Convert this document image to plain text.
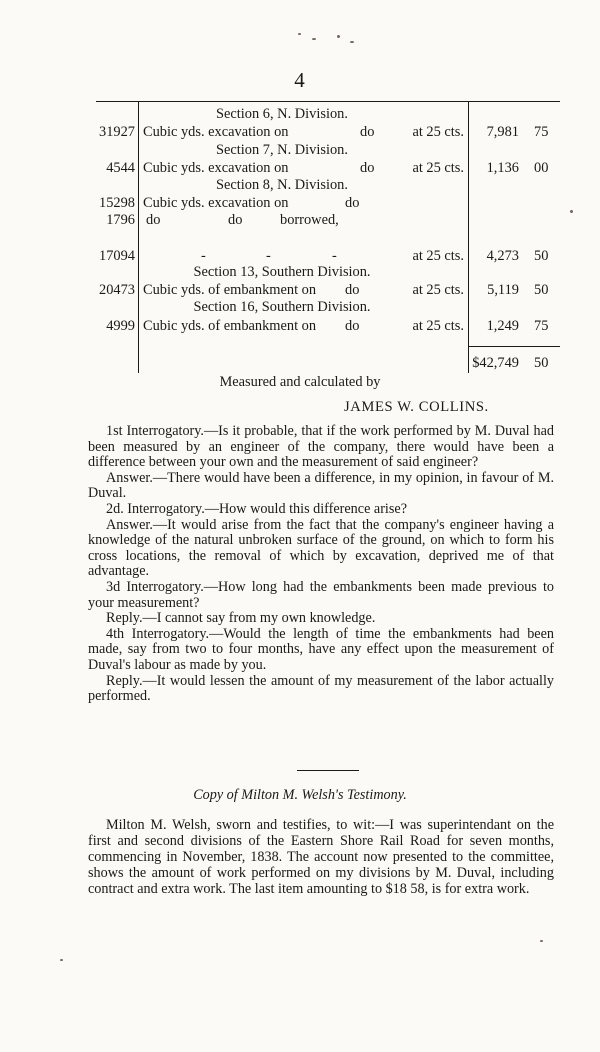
4
Section 6, N. Division.
31927 Cubic yds. excavation on	do	at 25 cts. 7,981 75
Section 7, N. Division.
4544 Cubic yds. excavation on	do	at 25 cts. 1,136 00
Section 8, N. Division.
15298 Cubic yds. excavation on	do
1796 do	do	borrowed,
17094	-	-	-	at 25 cts. 4,273 50
Section 13, Southern Division.
20473 Cubic yds. of embankment on do	at 25 cts. 5,119 50
Section 16, Southern Division.
4999 Cubic yds. of embankment on do	at 25 cts. 1,249 75
$42,749 50
Measured and calculated by
JAMES W. COLLINS.

1st Interrogatory.—Is it probable, that if the work performed by M. Duval had been measured by an engineer of the company, there would have been a difference between your own and the measurement of said engineer?

Answer.—There would have been a difference, in my opinion, in favour of M. Duval.

2d. Interrogatory.—How would this difference arise?

Answer.—It would arise from the fact that the company's engineer having a knowledge of the natural unbroken surface of the ground, on which to form his cross locations, the removal of which by excavation, deprived me of that advantage.

3d Interrogatory.—How long had the embankments been made previous to your measurement?

Reply.—I cannot say from my own knowledge.

4th Interrogatory.—Would the length of time the embankments had been made, say from two to four months, have any effect upon the measurement of Duval's labour as made by you.

Reply.—It would lessen the amount of my measurement of the labor actually performed.

Copy of Milton M. Welsh's Testimony.

Milton M. Welsh, sworn and testifies, to wit:—I was superintendant on the first and second divisions of the Eastern Shore Rail Road for seven months, commencing in November, 1838. The account now presented to the committee, shows the amount of work performed on my divisions by M. Duval, including contract and extra work. The last item amounting to $18 58, is for extra work.
